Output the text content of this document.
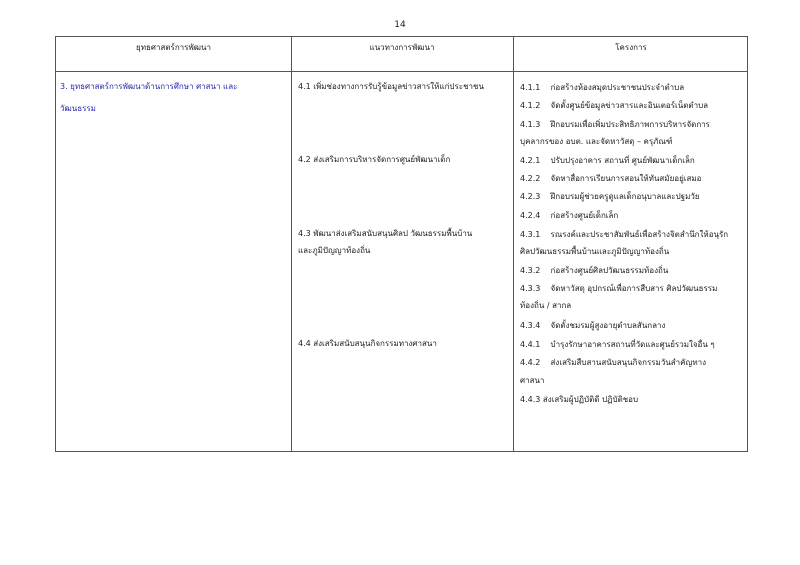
14
ยุทธศาสตร์การพัฒนา	แนวทางการพัฒนา	โครงการ
3. ยุทธศาสตร์การพัฒนาด้านการศึกษา ศาสนา และ
วัฒนธรรม
4.1 เพิ่มช่องทางการรับรู้ข้อมูลข่าวสารให้แก่ประชาชน
4.2 ส่งเสริมการบริหารจัดการศูนย์พัฒนาเด็ก
4.3 พัฒนาส่งเสริมสนับสนุนศิลป วัฒนธรรมพื้นบ้าน
และภูมิปัญญาท้องถิ่น
4.4 ส่งเสริมสนับสนุนกิจกรรมทางศาสนา
4.1.1 ก่อสร้างห้องสมุดประชาชนประจำตำบล
4.1.2 จัดตั้งศูนย์ข้อมูลข่าวสารและอินเตอร์เน็ตตำบล
4.1.3 ฝึกอบรมเพื่อเพิ่มประสิทธิภาพการบริหารจัดการ
บุคลากรของ อบต. และจัดหาวัสดุ – ครุภัณฑ์
4.2.1 ปรับปรุงอาคาร สถานที่ ศูนย์พัฒนาเด็กเล็ก
4.2.2 จัดหาสื่อการเรียนการสอนให้ทันสมัยอยู่เสมอ
4.2.3 ฝึกอบรมผู้ช่วยครูดูแลเด็กอนุบาลและปฐมวัย
4.2.4 ก่อสร้างศูนย์เด็กเล็ก
4.3.1 รณรงค์และประชาสัมพันธ์เพื่อสร้างจิตสำนึกให้อนุรัก
ศิลปวัฒนธรรมพื้นบ้านและภูมิปัญญาท้องถิ่น
4.3.2 ก่อสร้างศูนย์ศิลปวัฒนธรรมท้องถิ่น
4.3.3 จัดหาวัสดุ อุปกรณ์เพื่อการสืบสาร ศิลปวัฒนธรรม
ท้องถิ่น / สากล
4.3.4 จัดตั้งชมรมผู้สูงอายุตำบลสันกลาง
4.4.1 บำรุงรักษาอาคารสถานที่วัดและศูนย์รวมใจอื่น ๆ
4.4.2 ส่งเสริมสืบสานสนับสนุนกิจกรรมวันสำคัญทาง
ศาสนา
4.4.3 ส่งเสริมผู้ปฏิบัติดี ปฏิบัติชอบ
